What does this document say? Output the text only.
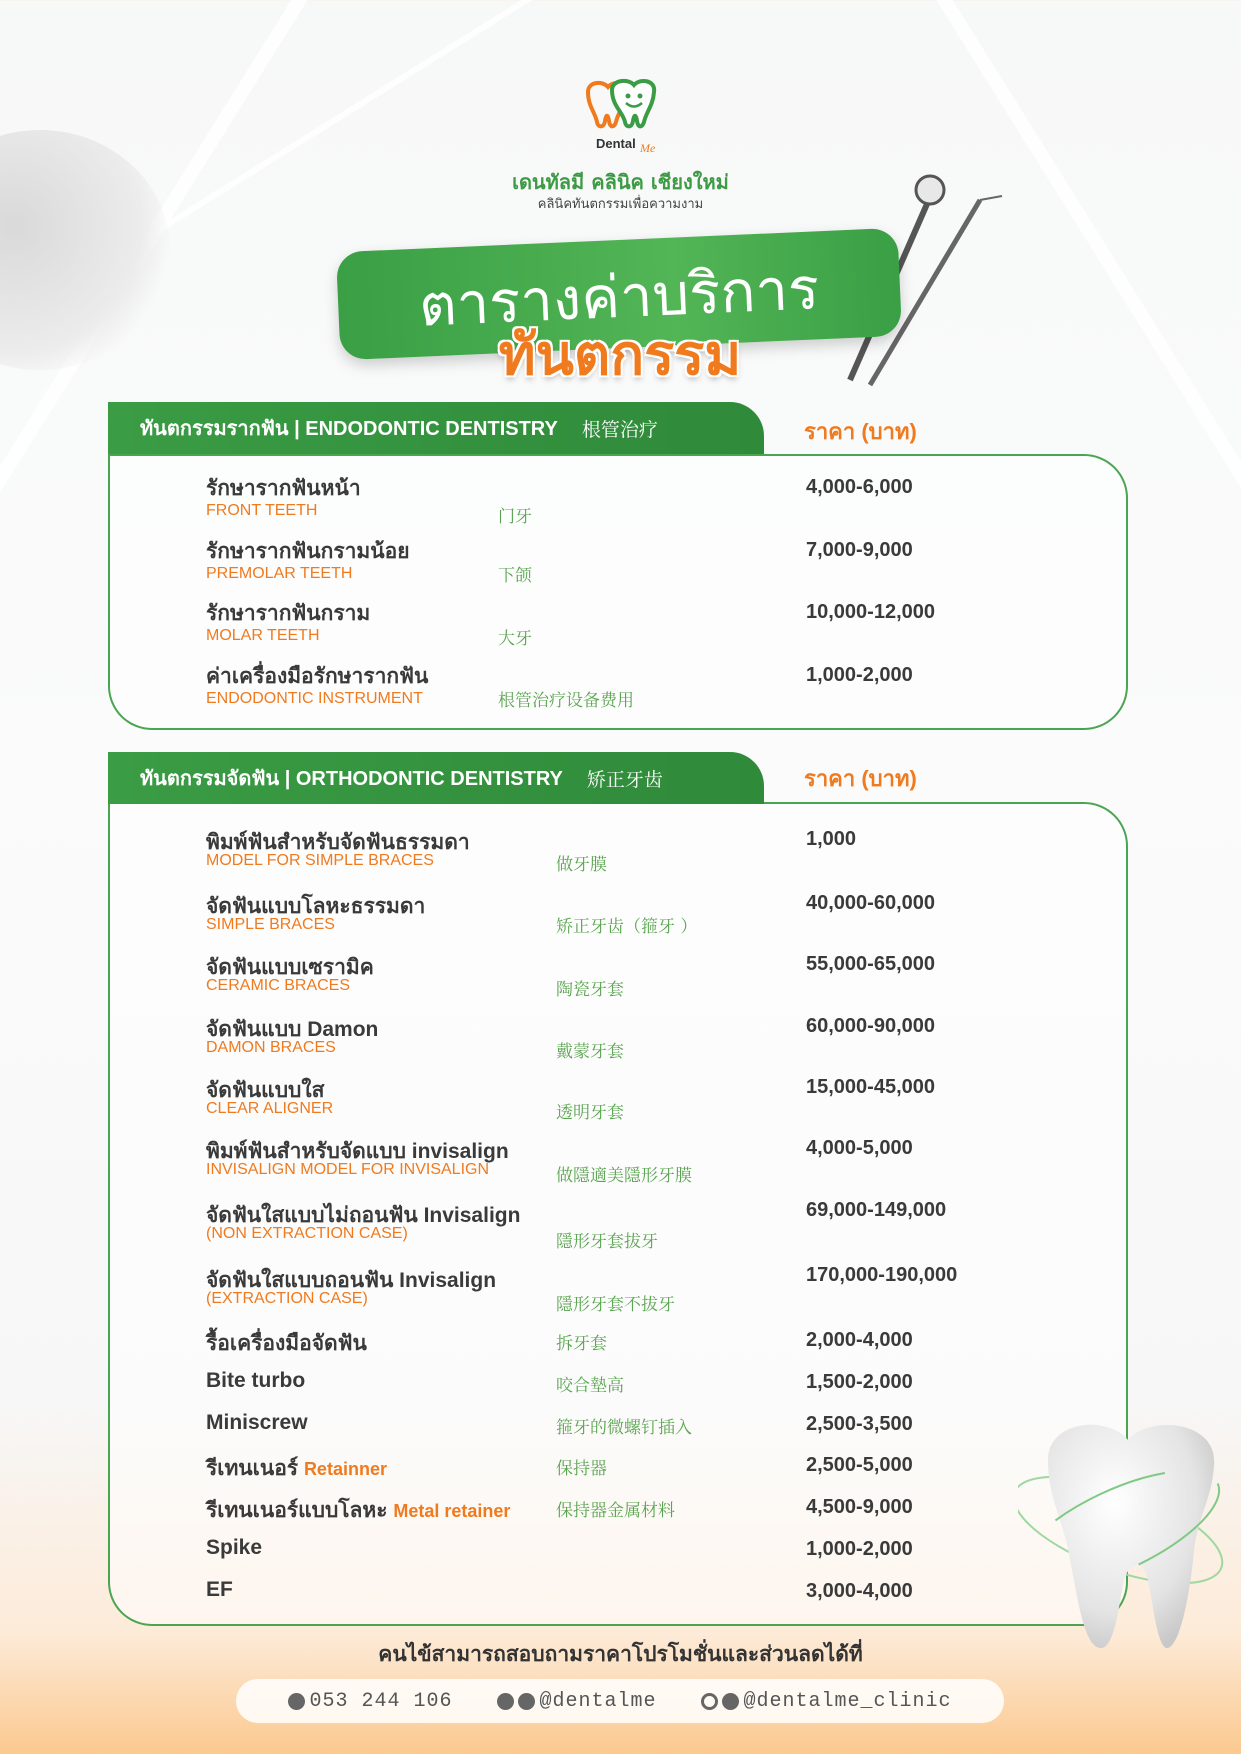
Dental Me
เดนทัลมี คลินิค เชียงใหม่
คลินิคทันตกรรมเพื่อความงาม
ตารางค่าบริการ
ทันตกรรม
ทันตกรรมรากฟัน | ENDODONTIC DENTISTRY 根管治疗	ราคา (บาท)
รักษารากฟันหน้า
FRONT TEETH	门牙
4,000-6,000
รักษารากฟันกรามน้อย
PREMOLAR TEETH	下颌
7,000-9,000
รักษารากฟันกราม
MOLAR TEETH	大牙
10,000-12,000
ค่าเครื่องมือรักษารากฟัน
ENDODONTIC INSTRUMENT	根管治疗设备费用
1,000-2,000
ทันตกรรมจัดฟัน | ORTHODONTIC DENTISTRY 矫正牙齿	ราคา (บาท)
พิมพ์ฟันสำหรับจัดฟันธรรมดา
MODEL FOR SIMPLE BRACES	做牙膜
1,000
จัดฟันแบบโลหะธรรมดา
SIMPLE BRACES	矫正牙齿（箍牙 ）
40,000-60,000
จัดฟันแบบเซรามิค
CERAMIC BRACES	陶瓷牙套
55,000-65,000
จัดฟันแบบ Damon
DAMON BRACES	戴蒙牙套
60,000-90,000
จัดฟันแบบใส
CLEAR ALIGNER	透明牙套
15,000-45,000
พิมพ์ฟันสำหรับจัดแบบ invisalign
INVISALIGN MODEL FOR INVISALIGN	做隱適美隱形牙膜
4,000-5,000
จัดฟันใสแบบไม่ถอนฟัน Invisalign
(NON EXTRACTION CASE)	隱形牙套拔牙
69,000-149,000
จัดฟันใสแบบถอนฟัน Invisalign
(EXTRACTION CASE)	隱形牙套不拔牙
170,000-190,000
รื้อเครื่องมือจัดฟัน	拆牙套	2,000-4,000
Bite turbo	咬合墊高	1,500-2,000
Miniscrew	箍牙的微螺钉插入	2,500-3,500
รีเทนเนอร์ Retainner	保持器	2,500-5,000
รีเทนเนอร์แบบโลหะ Metal retainer	保持器金属材料	4,500-9,000
Spike	1,000-2,000
EF	3,000-4,000
คนไข้สามารถสอบถามราคาโปรโมชั่นและส่วนลดได้ที่
053 244 106	@dentalme	@dentalme_clinic
